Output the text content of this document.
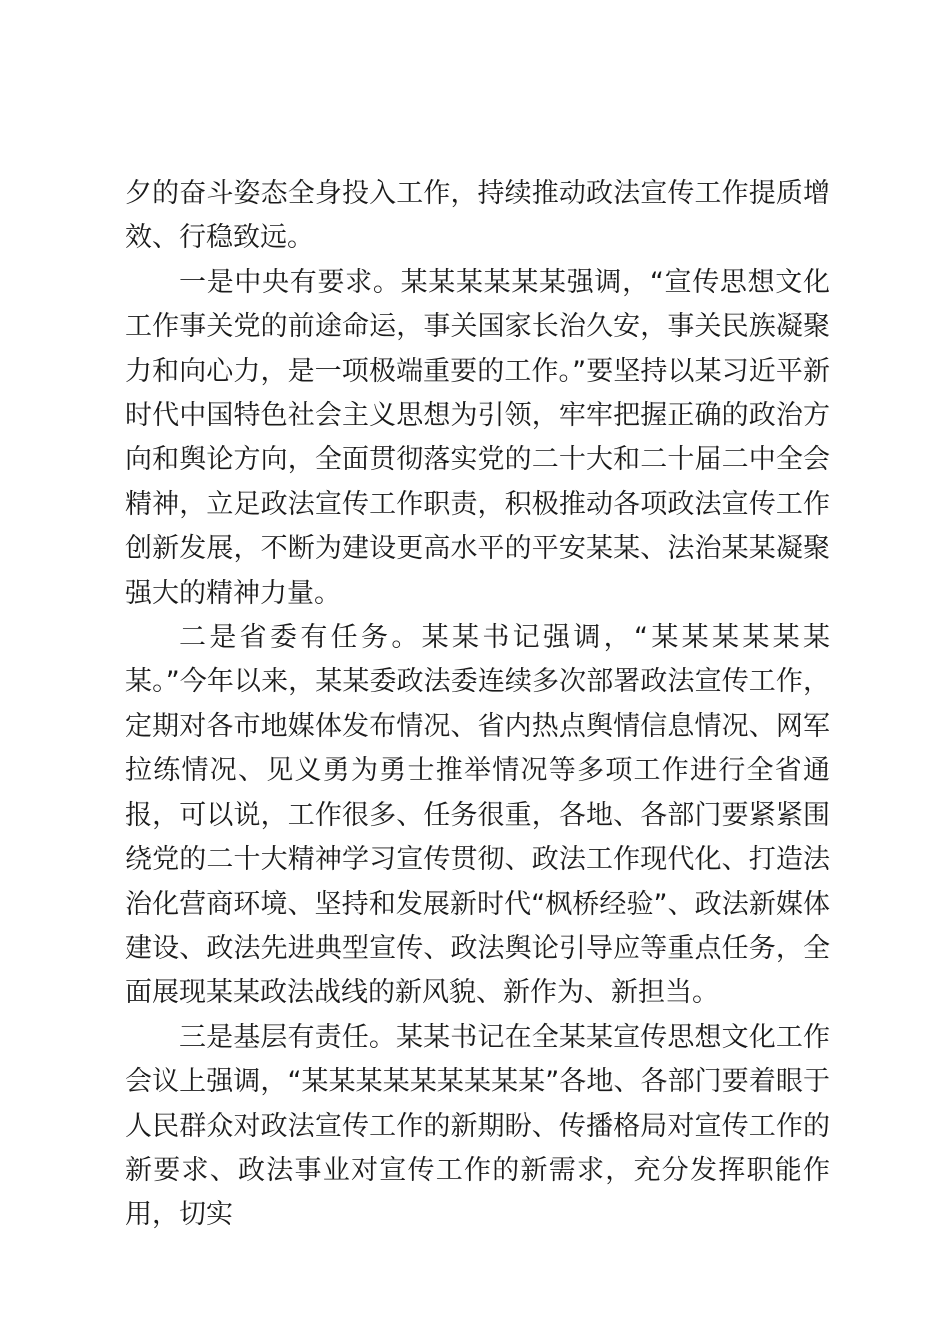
夕的奋斗姿态全身投入工作，持续推动政法宣传工作提质增效、行稳致远。

一是中央有要求。某某某某某某强调，“宣传思想文化工作事关党的前途命运，事关国家长治久安，事关民族凝聚力和向心力，是一项极端重要的工作。”要坚持以某习近平新时代中国特色社会主义思想为引领，牢牢把握正确的政治方向和舆论方向，全面贯彻落实党的二十大和二十届二中全会精神，立足政法宣传工作职责，积极推动各项政法宣传工作创新发展，不断为建设更高水平的平安某某、法治某某凝聚强大的精神力量。

二是省委有任务。某某书记强调，“某某某某某某某。”今年以来，某某委政法委连续多次部署政法宣传工作，定期对各市地媒体发布情况、省内热点舆情信息情况、网军拉练情况、见义勇为勇士推举情况等多项工作进行全省通报，可以说，工作很多、任务很重，各地、各部门要紧紧围绕党的二十大精神学习宣传贯彻、政法工作现代化、打造法治化营商环境、坚持和发展新时代“枫桥经验”、政法新媒体建设、政法先进典型宣传、政法舆论引导应等重点任务，全面展现某某政法战线的新风貌、新作为、新担当。

三是基层有责任。某某书记在全某某宣传思想文化工作会议上强调，“某某某某某某某某某”各地、各部门要着眼于人民群众对政法宣传工作的新期盼、传播格局对宣传工作的新要求、政法事业对宣传工作的新需求，充分发挥职能作用，切实
